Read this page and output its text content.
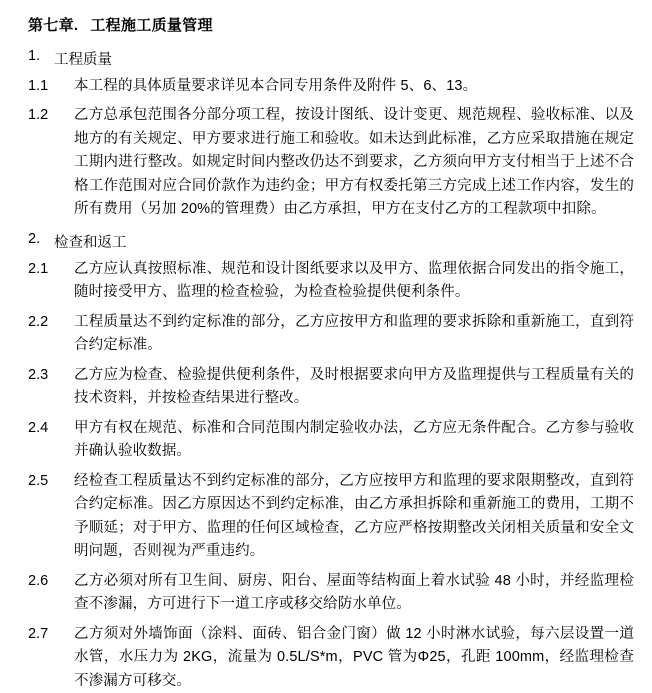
第七章. 工程施工质量管理
1. 工程质量
1.1	本工程的具体质量要求详见本合同专用条件及附件 5、6、13。
1.2	乙方总承包范围各分部分项工程，按设计图纸、设计变更、规范规程、验收标准、以及地方的有关规定、甲方要求进行施工和验收。如未达到此标准，乙方应采取措施在规定工期内进行整改。如规定时间内整改仍达不到要求，乙方须向甲方支付相当于上述不合格工作范围对应合同价款作为违约金；甲方有权委托第三方完成上述工作内容，发生的所有费用（另加 20%的管理费）由乙方承担，甲方在支付乙方的工程款项中扣除。
2. 检查和返工
2.1	乙方应认真按照标准、规范和设计图纸要求以及甲方、监理依据合同发出的指令施工，随时接受甲方、监理的检查检验，为检查检验提供便利条件。
2.2	工程质量达不到约定标准的部分，乙方应按甲方和监理的要求拆除和重新施工，直到符合约定标准。
2.3	乙方应为检查、检验提供便利条件，及时根据要求向甲方及监理提供与工程质量有关的技术资料，并按检查结果进行整改。
2.4	甲方有权在规范、标准和合同范围内制定验收办法，乙方应无条件配合。乙方参与验收并确认验收数据。
2.5	经检查工程质量达不到约定标准的部分，乙方应按甲方和监理的要求限期整改，直到符合约定标准。因乙方原因达不到约定标准，由乙方承担拆除和重新施工的费用，工期不予顺延；对于甲方、监理的任何区域检查，乙方应严格按期整改关闭相关质量和安全文明问题，否则视为严重违约。
2.6	乙方必须对所有卫生间、厨房、阳台、屋面等结构面上着水试验 48 小时，并经监理检查不渗漏，方可进行下一道工序或移交给防水单位。
2.7	乙方须对外墙饰面（涂料、面砖、铝合金门窗）做 12 小时淋水试验，每六层设置一道水管，水压力为 2KG，流量为 0.5L/S*m，PVC 管为Φ25，孔距 100mm，经监理检查不渗漏方可移交。
